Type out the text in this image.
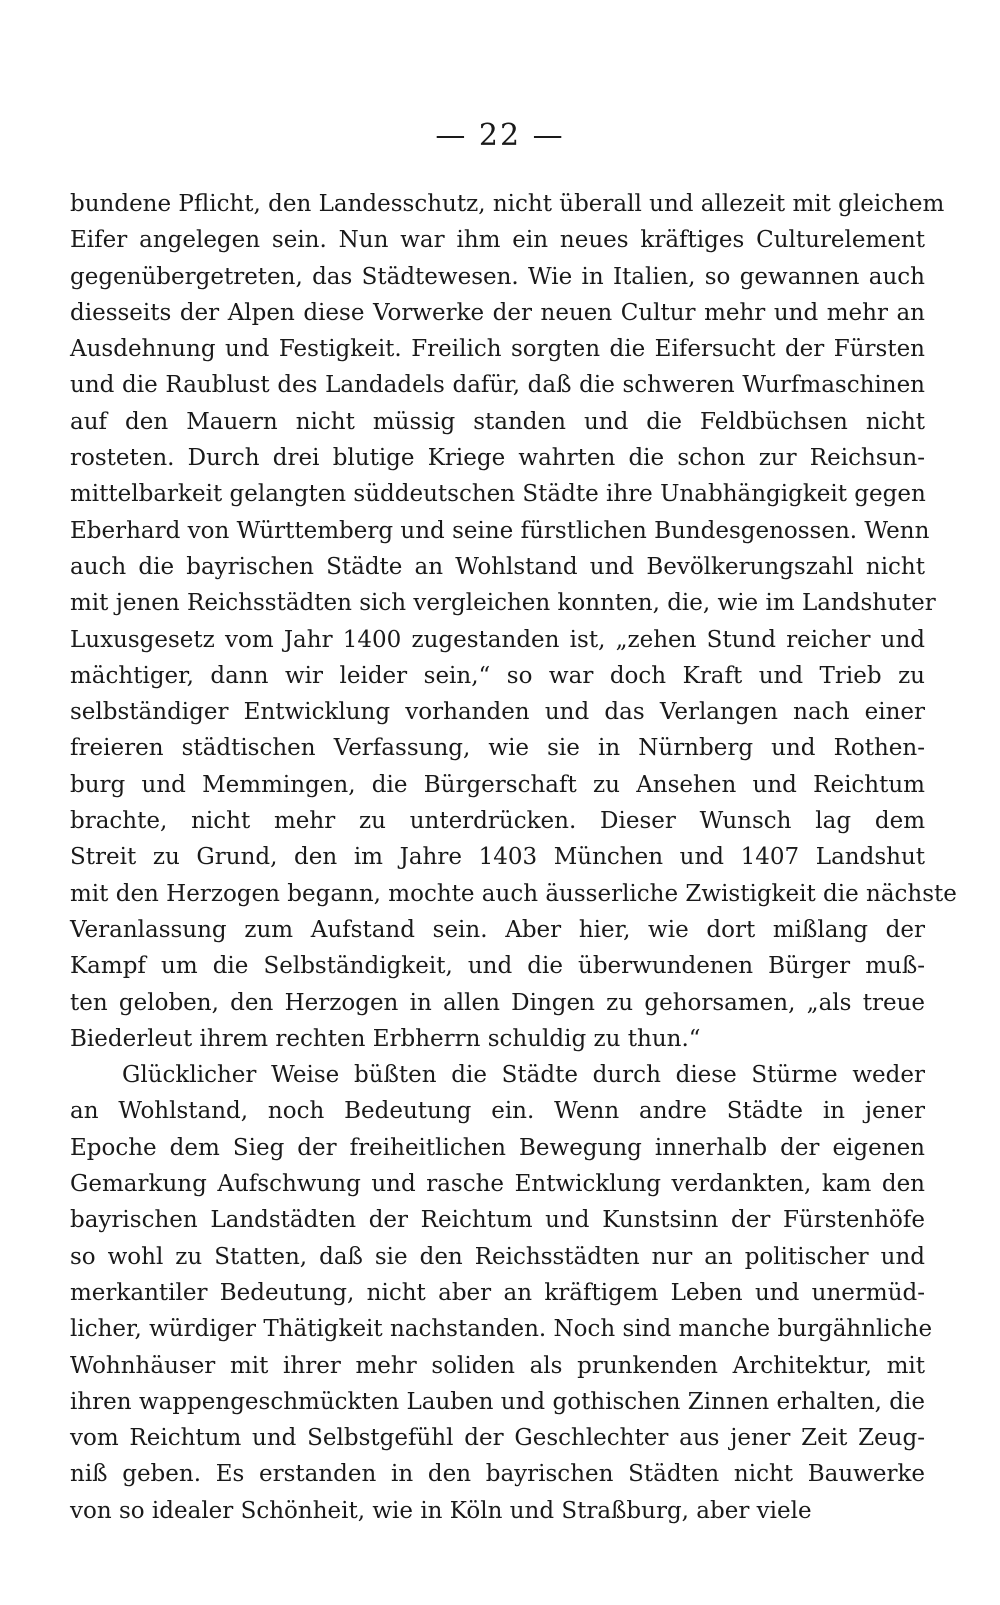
— 22 —
bundene Pflicht, den Landesschutz, nicht überall und allezeit mit gleichem
Eifer angelegen sein. Nun war ihm ein neues kräftiges Culturelement
gegenübergetreten, das Städtewesen. Wie in Italien, so gewannen auch
diesseits der Alpen diese Vorwerke der neuen Cultur mehr und mehr an
Ausdehnung und Festigkeit. Freilich sorgten die Eifersucht der Fürsten
und die Raublust des Landadels dafür, daß die schweren Wurfmaschinen
auf den Mauern nicht müssig standen und die Feldbüchsen nicht
rosteten. Durch drei blutige Kriege wahrten die schon zur Reichsun-
mittelbarkeit gelangten süddeutschen Städte ihre Unabhängigkeit gegen
Eberhard von Württemberg und seine fürstlichen Bundesgenossen. Wenn
auch die bayrischen Städte an Wohlstand und Bevölkerungszahl nicht
mit jenen Reichsstädten sich vergleichen konnten, die, wie im Landshuter
Luxusgesetz vom Jahr 1400 zugestanden ist, „zehen Stund reicher und
mächtiger, dann wir leider sein,“ so war doch Kraft und Trieb zu
selbständiger Entwicklung vorhanden und das Verlangen nach einer
freieren städtischen Verfassung, wie sie in Nürnberg und Rothen-
burg und Memmingen, die Bürgerschaft zu Ansehen und Reichtum
brachte, nicht mehr zu unterdrücken. Dieser Wunsch lag dem
Streit zu Grund, den im Jahre 1403 München und 1407 Landshut
mit den Herzogen begann, mochte auch äusserliche Zwistigkeit die nächste
Veranlassung zum Aufstand sein. Aber hier, wie dort mißlang der
Kampf um die Selbständigkeit, und die überwundenen Bürger muß-
ten geloben, den Herzogen in allen Dingen zu gehorsamen, „als treue
Biederleut ihrem rechten Erbherrn schuldig zu thun.“
Glücklicher Weise büßten die Städte durch diese Stürme weder
an Wohlstand, noch Bedeutung ein. Wenn andre Städte in jener
Epoche dem Sieg der freiheitlichen Bewegung innerhalb der eigenen
Gemarkung Aufschwung und rasche Entwicklung verdankten, kam den
bayrischen Landstädten der Reichtum und Kunstsinn der Fürstenhöfe
so wohl zu Statten, daß sie den Reichsstädten nur an politischer und
merkantiler Bedeutung, nicht aber an kräftigem Leben und unermüd-
licher, würdiger Thätigkeit nachstanden. Noch sind manche burgähnliche
Wohnhäuser mit ihrer mehr soliden als prunkenden Architektur, mit
ihren wappengeschmückten Lauben und gothischen Zinnen erhalten, die
vom Reichtum und Selbstgefühl der Geschlechter aus jener Zeit Zeug-
niß geben. Es erstanden in den bayrischen Städten nicht Bauwerke
von so idealer Schönheit, wie in Köln und Straßburg, aber viele
